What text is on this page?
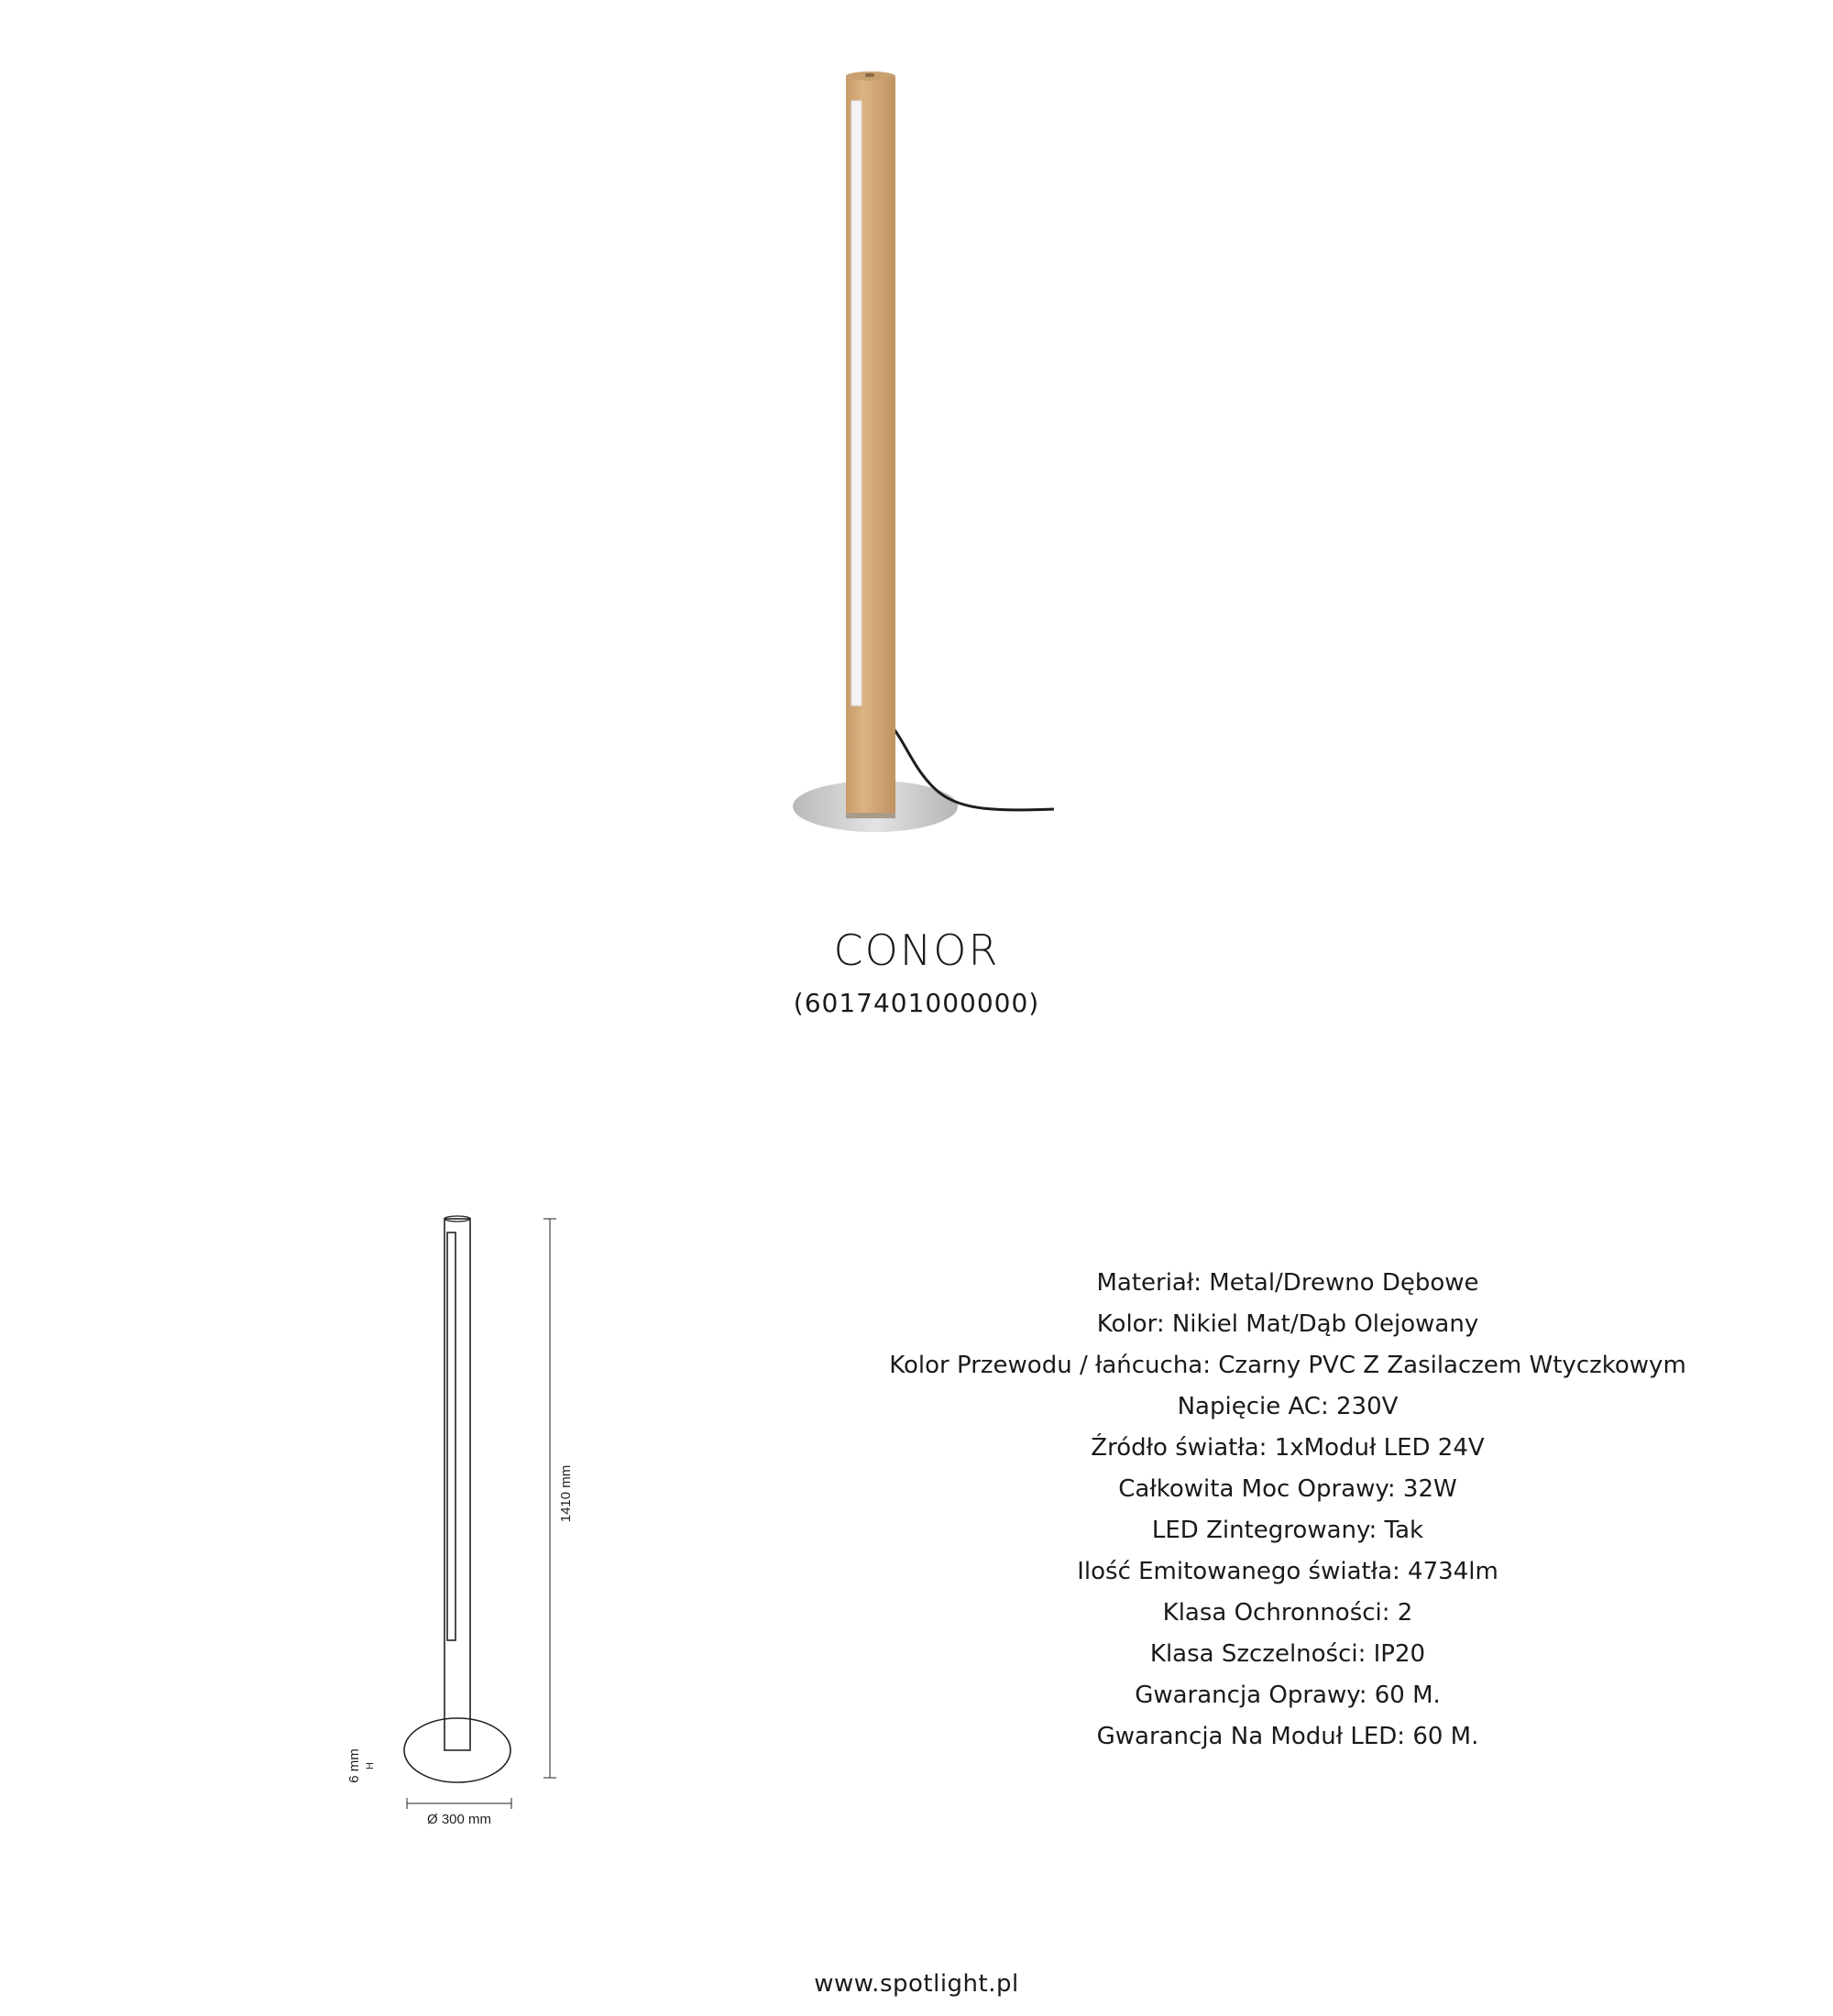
CONOR
(6017401000000)
1410 mm
6 mm H
Ø 300 mm
Materiał: Metal/Drewno Dębowe
Kolor: Nikiel Mat/Dąb Olejowany
Kolor Przewodu / łańcucha: Czarny PVC Z Zasilaczem Wtyczkowym
Napięcie AC: 230V
Źródło światła: 1xModuł LED 24V
Całkowita Moc Oprawy: 32W
LED Zintegrowany: Tak
Ilość Emitowanego światła: 4734lm
Klasa Ochronności: 2
Klasa Szczelności: IP20
Gwarancja Oprawy: 60 M.
Gwarancja Na Moduł LED: 60 M.
www.spotlight.pl
